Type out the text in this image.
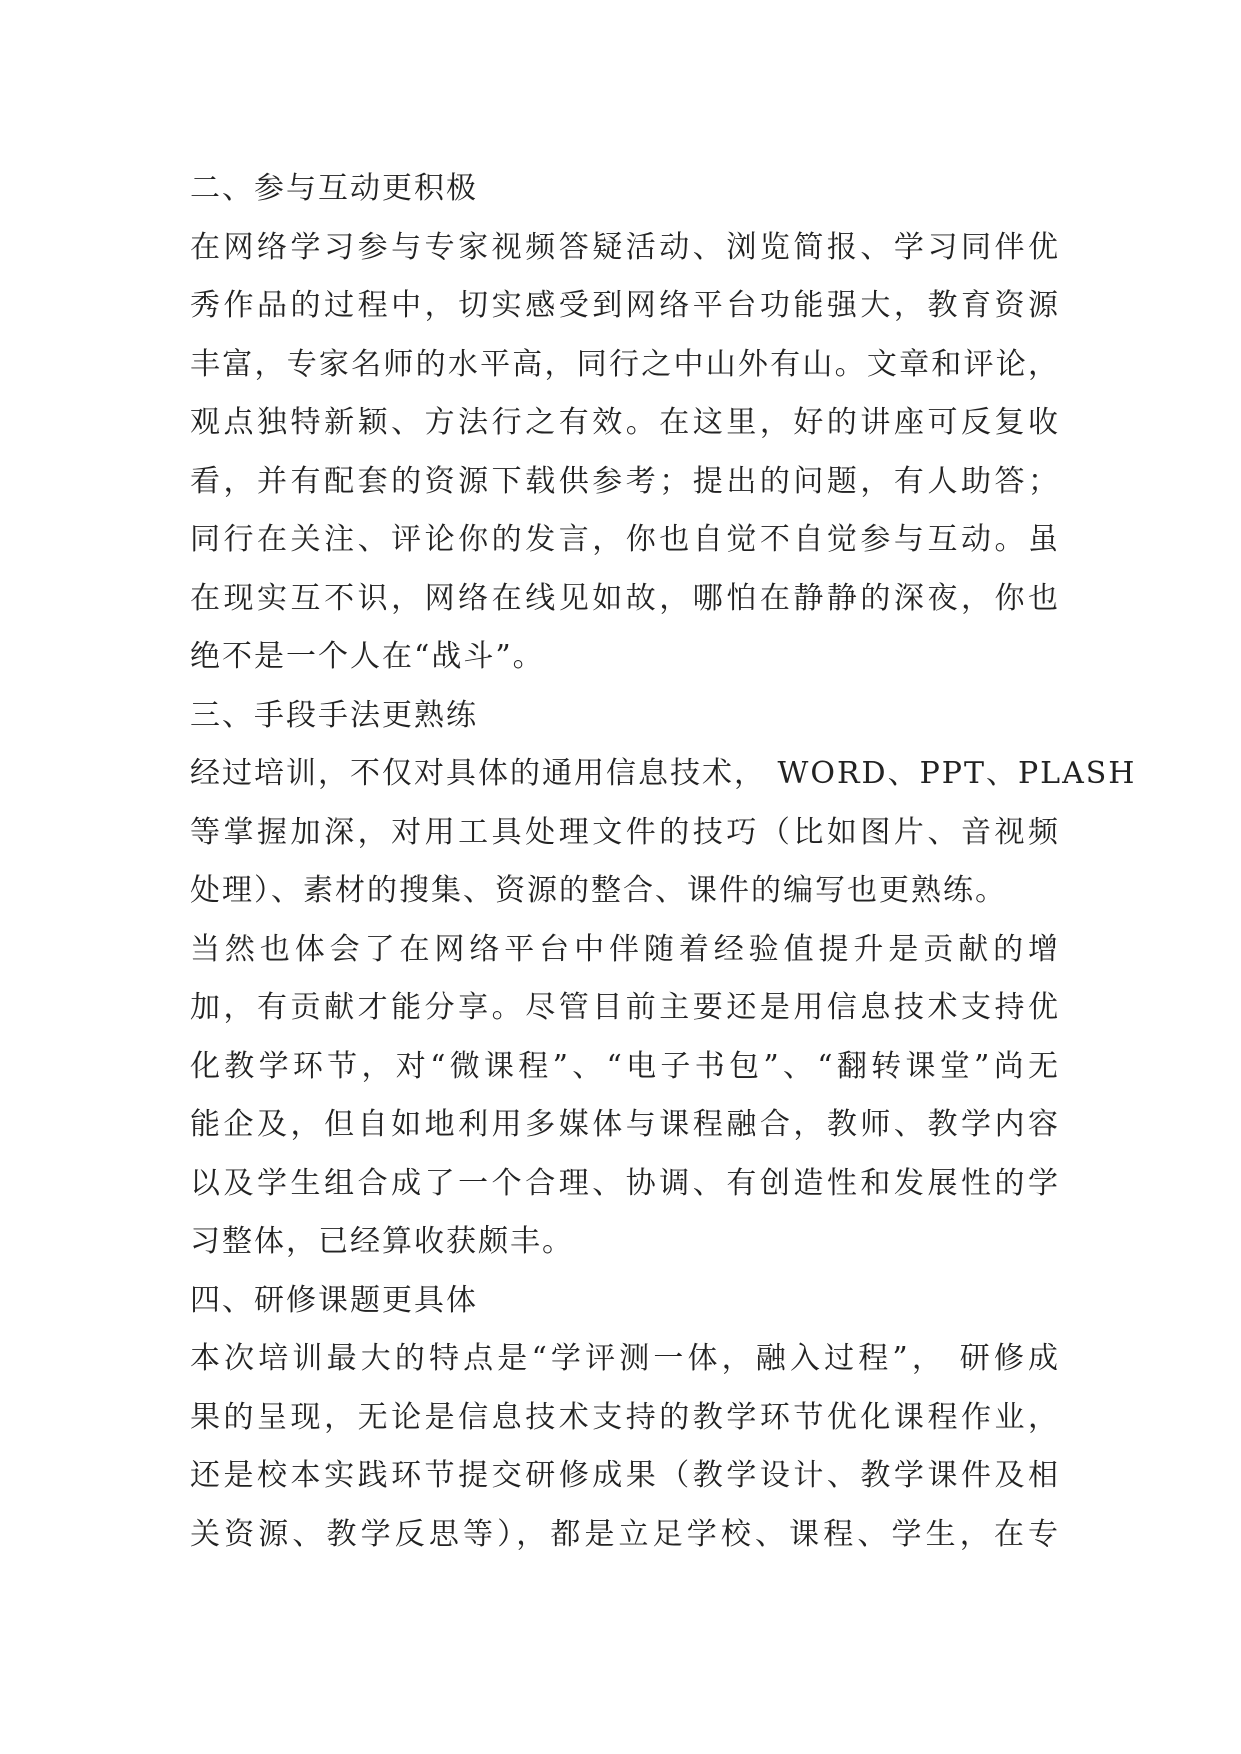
二、参与互动更积极
在网络学习参与专家视频答疑活动、浏览简报、学习同伴优
秀作品的过程中，切实感受到网络平台功能强大，教育资源
丰富，专家名师的水平高，同行之中山外有山。文章和评论，
观点独特新颖、方法行之有效。在这里，好的讲座可反复收
看，并有配套的资源下载供参考；提出的问题，有人助答；
同行在关注、评论你的发言，你也自觉不自觉参与互动。虽
在现实互不识，网络在线见如故，哪怕在静静的深夜，你也
绝不是一个人在“战斗”。
三、手段手法更熟练
经过培训，不仅对具体的通用信息技术， WORD、PPT、PLASH
等掌握加深，对用工具处理文件的技巧（比如图片、音视频
处理）、素材的搜集、资源的整合、课件的编写也更熟练。
当然也体会了在网络平台中伴随着经验值提升是贡献的增
加，有贡献才能分享。尽管目前主要还是用信息技术支持优
化教学环节，对“微课程”、“电子书包”、“翻转课堂”尚无
能企及，但自如地利用多媒体与课程融合，教师、教学内容
以及学生组合成了一个合理、协调、有创造性和发展性的学
习整体，已经算收获颇丰。
四、研修课题更具体
本次培训最大的特点是“学评测一体，融入过程”， 研修成
果的呈现，无论是信息技术支持的教学环节优化课程作业，
还是校本实践环节提交研修成果（教学设计、教学课件及相
关资源、教学反思等），都是立足学校、课程、学生，在专
